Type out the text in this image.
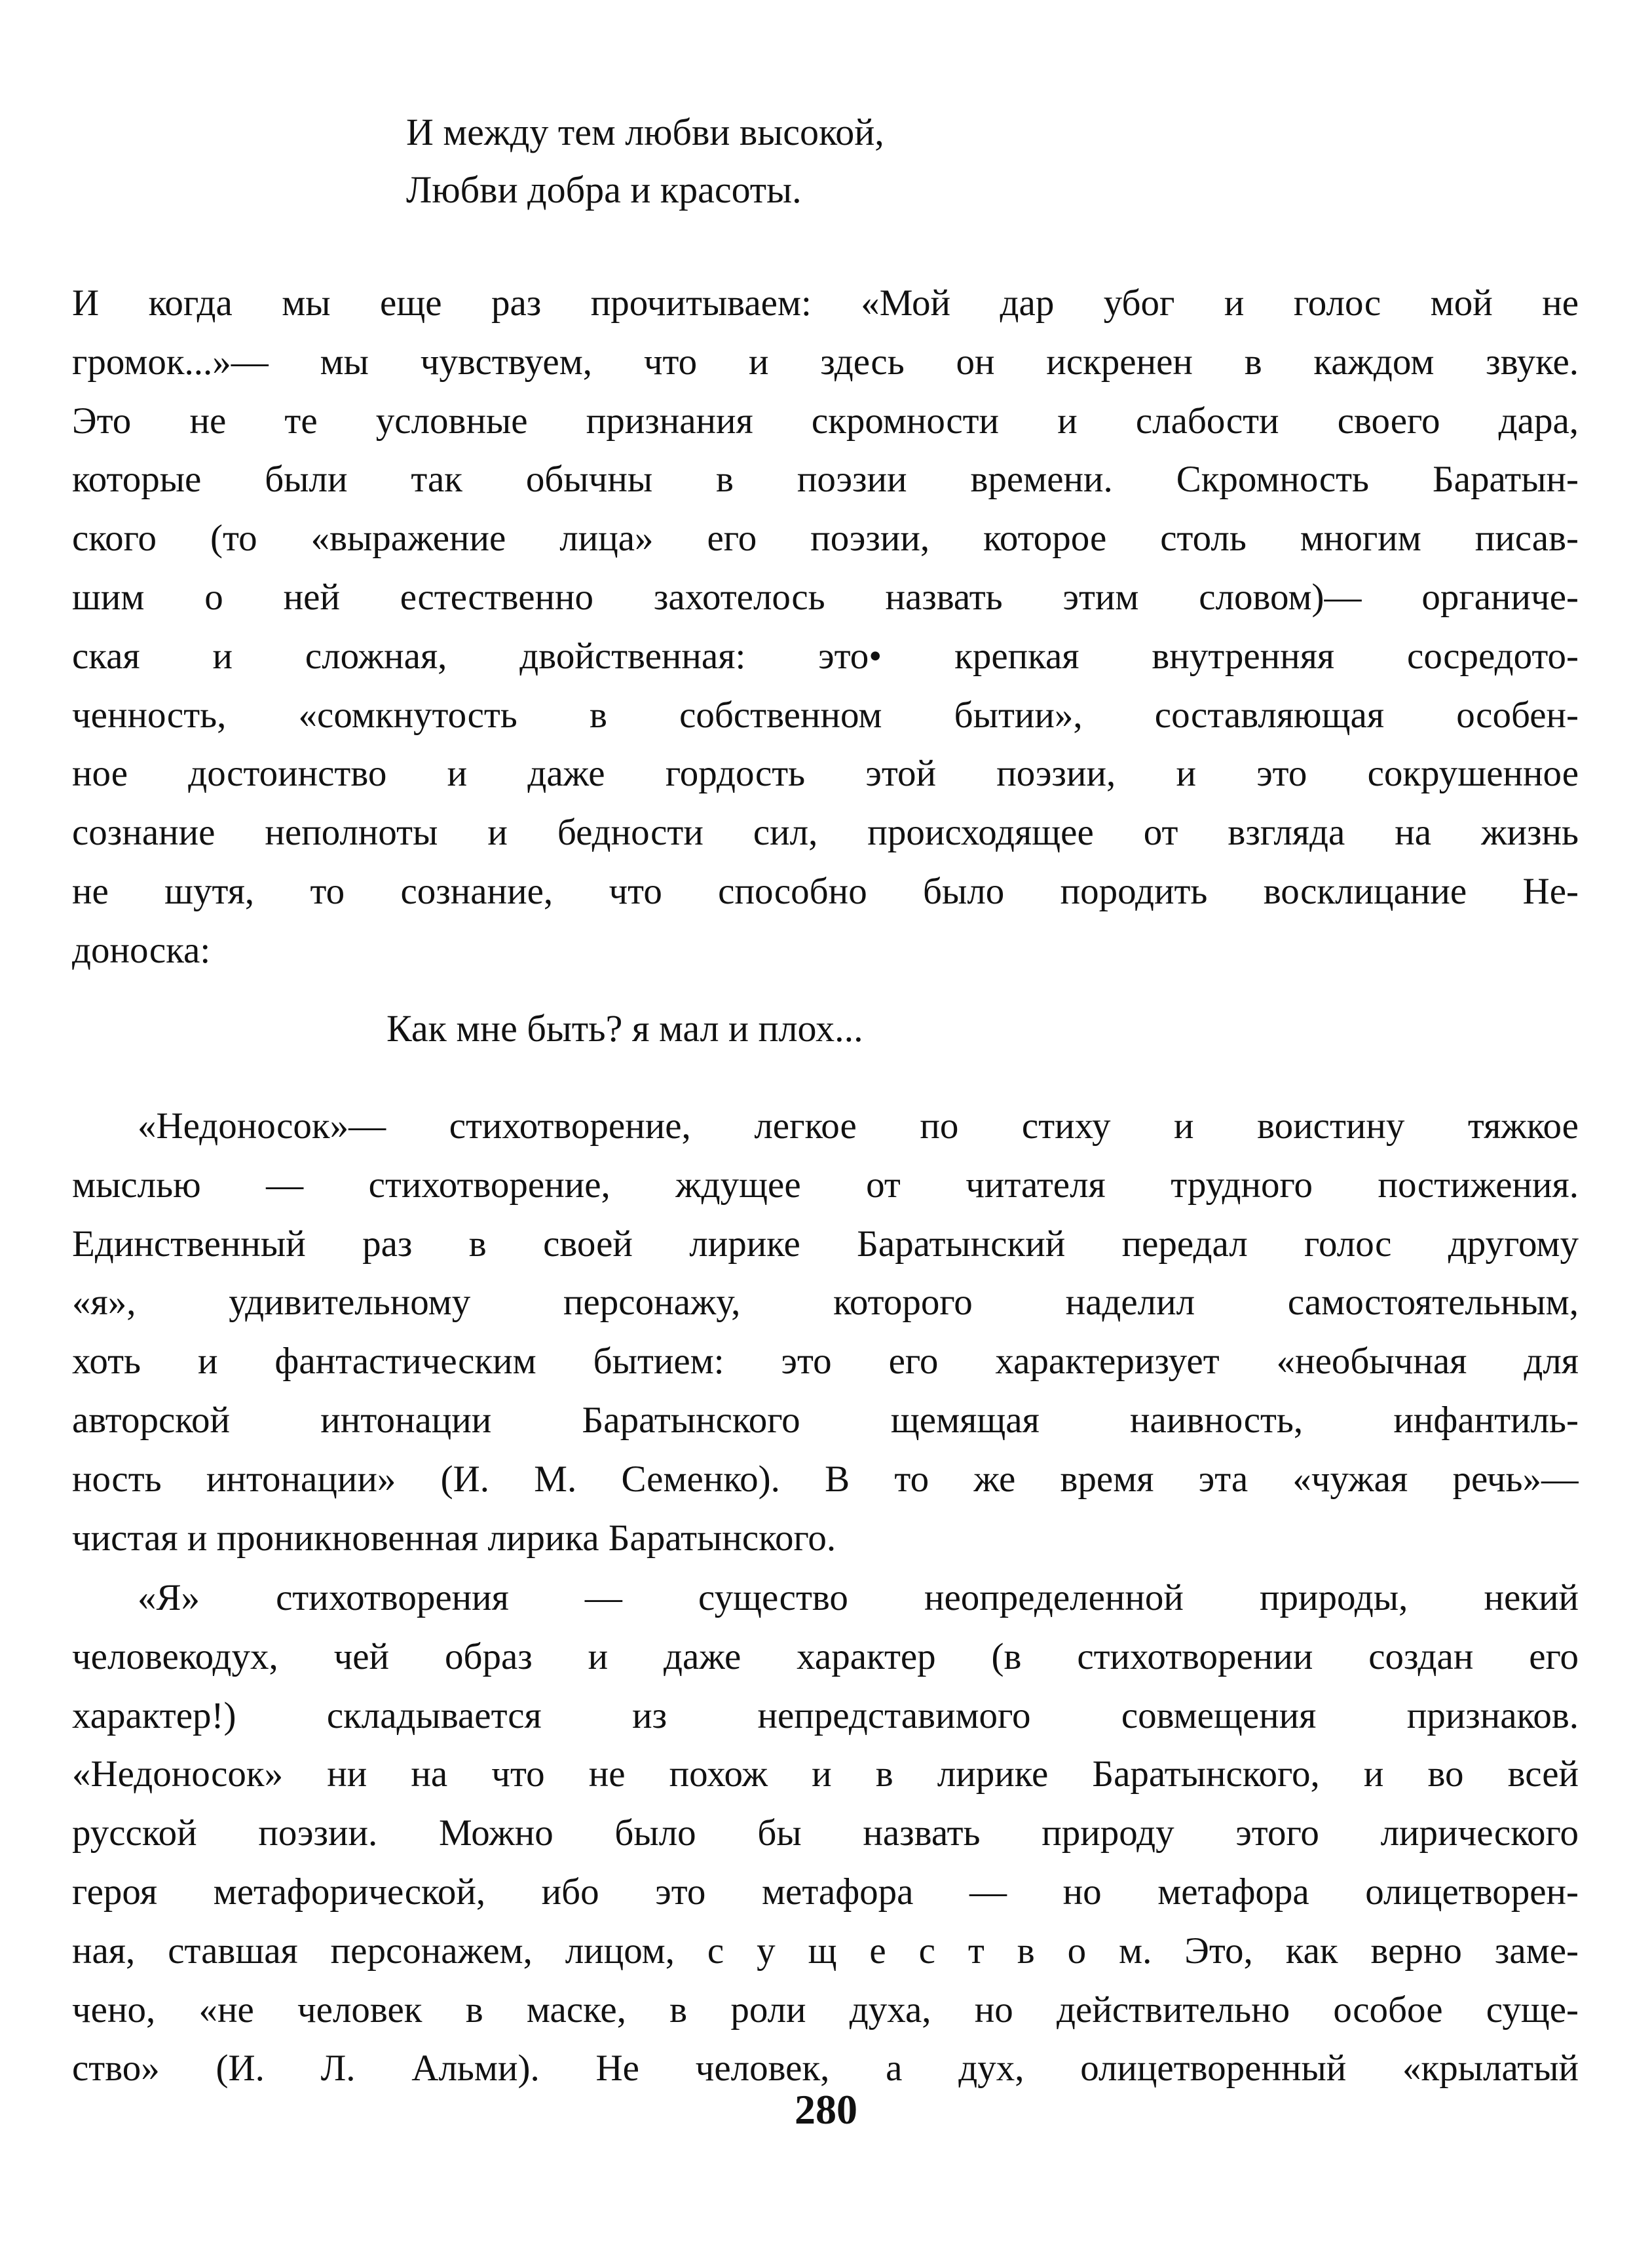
И между тем любви высокой,
Любви добра и красоты.
И когда мы еще раз прочитываем: «Мой дар убог и голос мой не
громок...»— мы чувствуем, что и здесь он искренен в каждом звуке.
Это не те условные признания скромности и слабости своего дара,
которые были так обычны в поэзии времени. Скромность Баратын-
ского (то «выражение лица» его поэзии, которое столь многим писав-
шим о ней естественно захотелось назвать этим словом)— органиче-
ская и сложная, двойственная: это• крепкая внутренняя сосредото-
ченность, «сомкнутость в собственном бытии», составляющая особен-
ное достоинство и даже гордость этой поэзии, и это сокрушенное
сознание неполноты и бедности сил, происходящее от взгляда на жизнь
не шутя, то сознание, что способно было породить восклицание Не-
доноска:
Как мне быть? я мал и плох...
«Недоносок»— стихотворение, легкое по стиху и воистину тяжкое
мыслью — стихотворение, ждущее от читателя трудного постижения.
Единственный раз в своей лирике Баратынский передал голос другому
«я», удивительному персонажу, которого наделил самостоятельным,
хоть и фантастическим бытием: это его характеризует «необычная для
авторской интонации Баратынского щемящая наивность, инфантиль-
ность интонации» (И. М. Семенко). В то же время эта «чужая речь»—
чистая и проникновенная лирика Баратынского.
«Я» стихотворения — существо неопределенной природы, некий
человекодух, чей образ и даже характер (в стихотворении создан его
характер!) складывается из непредставимого совмещения признаков.
«Недоносок» ни на что не похож и в лирике Баратынского, и во всей
русской поэзии. Можно было бы назвать природу этого лирического
героя метафорической, ибо это метафора — но метафора олицетворен-
ная, ставшая персонажем, лицом, с у щ е с т в о м. Это, как верно заме-
чено, «не человек в маске, в роли духа, но действительно особое суще-
ство» (И. Л. Альми). Не человек, а дух, олицетворенный «крылатый
280
